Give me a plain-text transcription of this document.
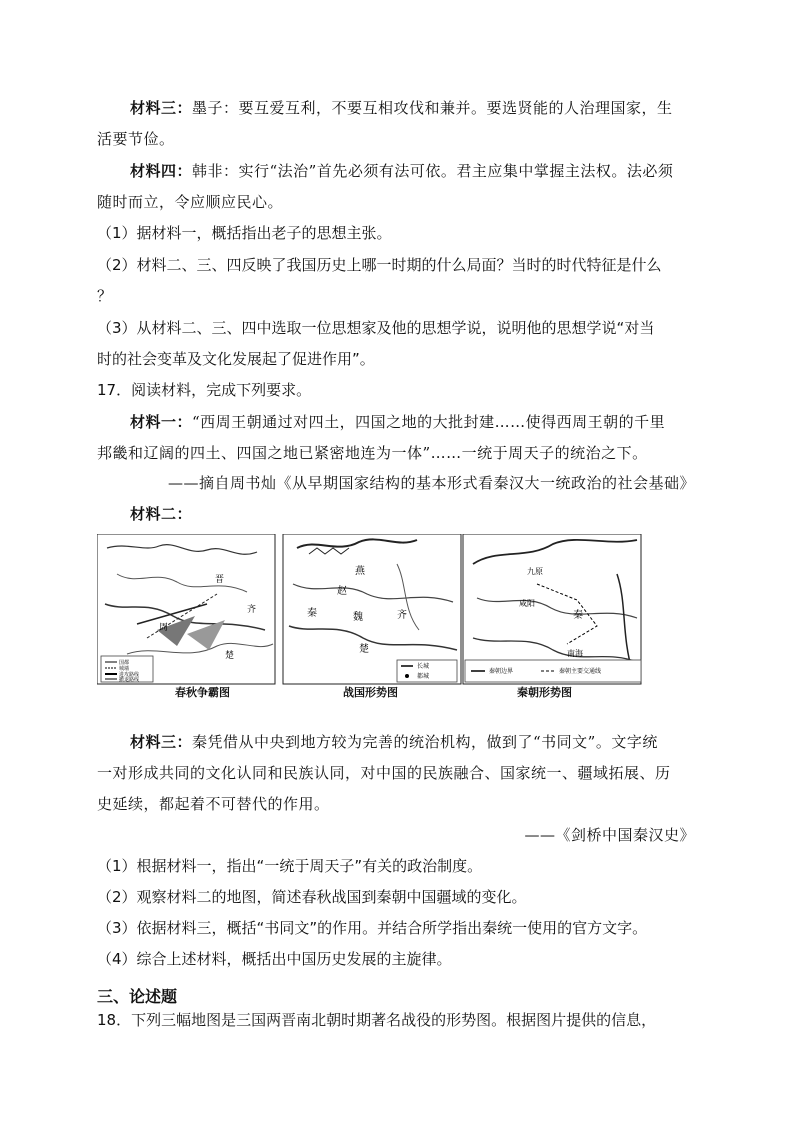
材料三：墨子：要互爱互利，不要互相攻伐和兼并。要选贤能的人治理国家，生
活要节俭。
材料四：韩非：实行“法治”首先必须有法可依。君主应集中掌握主法权。法必须
随时而立，令应顺应民心。
（1）据材料一，概括指出老子的思想主张。
（2）材料二、三、四反映了我国历史上哪一时期的什么局面？当时的时代特征是什么
？
（3）从材料二、三、四中选取一位思想家及他的思想学说，说明他的思想学说“对当
时的社会变革及文化发展起了促进作用”。
17．阅读材料，完成下列要求。
材料一：“西周王朝通过对四土，四国之地的大批封建……使得西周王朝的千里
邦畿和辽阔的四土、四国之地已紧密地连为一体”……一统于周天子的统治之下。
——摘自周书灿《从早期国家结构的基本形式看秦汉大一统政治的社会基础》
材料二：
晋
齐
周
楚
燕
赵
齐
秦	魏
楚
秦
九原
咸阳
南海
国都
城墙
进攻路线
撤退路线
长城
都城
秦朝边界	秦朝主要交通线
春秋争霸图	战国形势图	秦朝形势图
材料三：秦凭借从中央到地方较为完善的统治机构，做到了“书同文”。文字统
一对形成共同的文化认同和民族认同，对中国的民族融合、国家统一、疆域拓展、历
史延续，都起着不可替代的作用。
——《剑桥中国秦汉史》
（1）根据材料一，指出“一统于周天子”有关的政治制度。
（2）观察材料二的地图，简述春秋战国到秦朝中国疆域的变化。
（3）依据材料三，概括“书同文”的作用。并结合所学指出秦统一使用的官方文字。
（4）综合上述材料，概括出中国历史发展的主旋律。
三、论述题
18．下列三幅地图是三国两晋南北朝时期著名战役的形势图。根据图片提供的信息，
